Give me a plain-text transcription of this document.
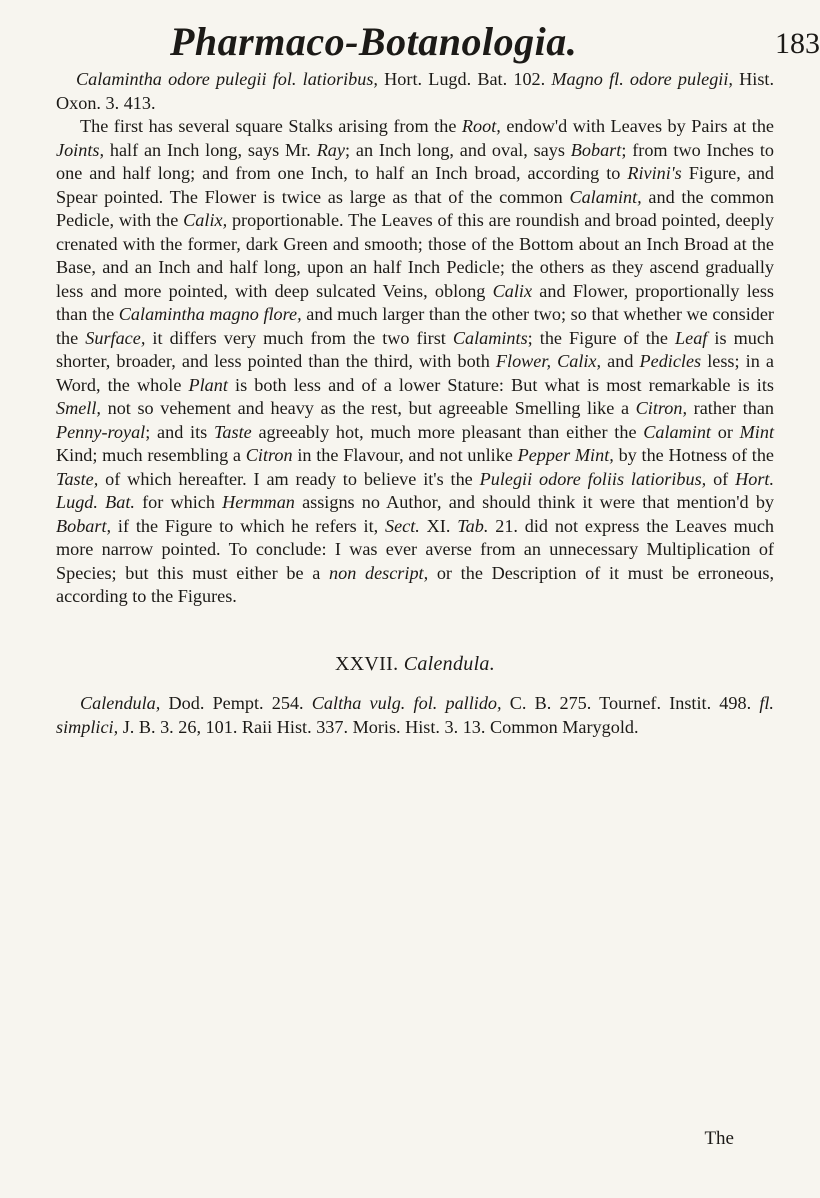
Pharmaco-Botanologia.	183

Calamintha odore pulegii fol. latioribus, Hort. Lugd. Bat. 102. Magno fl. odore pulegii, Hist. Oxon. 3. 413.

The first has several square Stalks arising from the Root, endow'd with Leaves by Pairs at the Joints, half an Inch long, says Mr. Ray; an Inch long, and oval, says Bobart; from two Inches to one and half long; and from one Inch, to half an Inch broad, according to Rivini's Figure, and Spear pointed. The Flower is twice as large as that of the common Calamint, and the common Pedicle, with the Calix, proportionable. The Leaves of this are roundish and broad pointed, deeply crenated with the former, dark Green and smooth; those of the Bottom about an Inch Broad at the Base, and an Inch and half long, upon an half Inch Pedicle; the others as they ascend gradually less and more pointed, with deep sulcated Veins, oblong Calix and Flower, proportionally less than the Calamintha magno flore, and much larger than the other two; so that whether we consider the Surface, it differs very much from the two first Calamints; the Figure of the Leaf is much shorter, broader, and less pointed than the third, with both Flower, Calix, and Pedicles less; in a Word, the whole Plant is both less and of a lower Stature: But what is most remarkable is its Smell, not so vehement and heavy as the rest, but agreeable Smelling like a Citron, rather than Penny-royal; and its Taste agreeably hot, much more pleasant than either the Calamint or Mint Kind; much resembling a Citron in the Flavour, and not unlike Pepper Mint, by the Hotness of the Taste, of which hereafter. I am ready to believe it's the Pulegii odore foliis latioribus, of Hort. Lugd. Bat. for which Hermman assigns no Author, and should think it were that mention'd by Bobart, if the Figure to which he refers it, Sect. XI. Tab. 21. did not express the Leaves much more narrow pointed. To conclude: I was ever averse from an unnecessary Multiplication of Species; but this must either be a non descript, or the Description of it must be erroneous, according to the Figures.

XXVII. Calendula.

Calendula, Dod. Pempt. 254. Caltha vulg. fol. pallido, C. B. 275. Tournef. Instit. 498. fl. simplici, J. B. 3. 26, 101. Raii Hist. 337. Moris. Hist. 3. 13. Common Marygold.

The
